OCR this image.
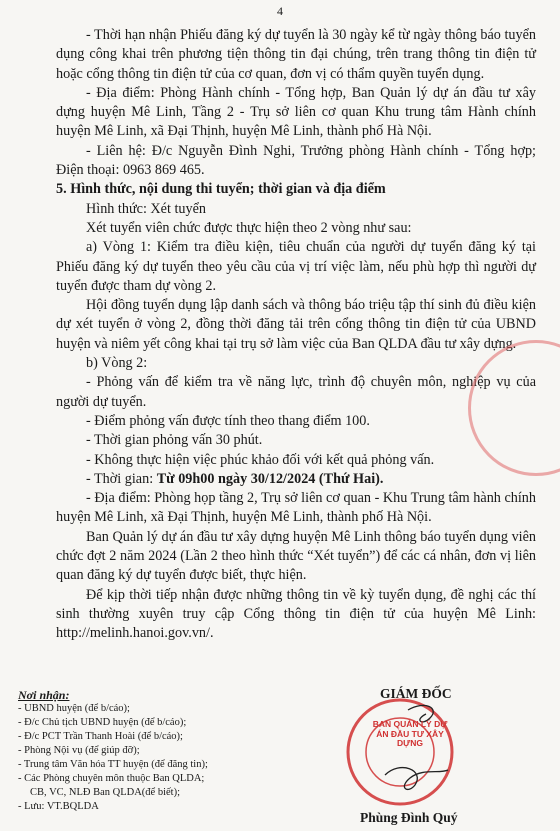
4

- Thời hạn nhận Phiếu đăng ký dự tuyển là 30 ngày kể từ ngày thông báo tuyển dụng công khai trên phương tiện thông tin đại chúng, trên trang thông tin điện tử hoặc cổng thông tin điện tử của cơ quan, đơn vị có thẩm quyền tuyển dụng.

- Địa điểm: Phòng Hành chính - Tổng hợp, Ban Quản lý dự án đầu tư xây dựng huyện Mê Linh, Tầng 2 - Trụ sở liên cơ quan Khu trung tâm Hành chính huyện Mê Linh, xã Đại Thịnh, huyện Mê Linh, thành phố Hà Nội.

- Liên hệ: Đ/c Nguyễn Đình Nghi, Trưởng phòng Hành chính - Tổng hợp; Điện thoại: 0963 869 465.

5. Hình thức, nội dung thi tuyển; thời gian và địa điểm

Hình thức: Xét tuyển

Xét tuyển viên chức được thực hiện theo 2 vòng như sau:

a) Vòng 1: Kiểm tra điều kiện, tiêu chuẩn của người dự tuyển đăng ký tại Phiếu đăng ký dự tuyển theo yêu cầu của vị trí việc làm, nếu phù hợp thì người dự tuyển được tham dự vòng 2.

Hội đồng tuyển dụng lập danh sách và thông báo triệu tập thí sinh đủ điều kiện dự xét tuyển ở vòng 2, đồng thời đăng tải trên cổng thông tin điện tử của UBND huyện và niêm yết công khai tại trụ sở làm việc của Ban QLDA đầu tư xây dựng.

b) Vòng 2:

- Phỏng vấn để kiểm tra về năng lực, trình độ chuyên môn, nghiệp vụ của người dự tuyển.

- Điểm phỏng vấn được tính theo thang điểm 100.

- Thời gian phỏng vấn 30 phút.

- Không thực hiện việc phúc khảo đối với kết quả phỏng vấn.

- Thời gian: Từ 09h00 ngày 30/12/2024 (Thứ Hai).

- Địa điểm: Phòng họp tầng 2, Trụ sở liên cơ quan - Khu Trung tâm hành chính huyện Mê Linh, xã Đại Thịnh, huyện Mê Linh, thành phố Hà Nội.

Ban Quản lý dự án đầu tư xây dựng huyện Mê Linh thông báo tuyển dụng viên chức đợt 2 năm 2024 (Lần 2 theo hình thức “Xét tuyển”) để các cá nhân, đơn vị liên quan đăng ký dự tuyển được biết, thực hiện.

Để kịp thời tiếp nhận được những thông tin về kỳ tuyển dụng, đề nghị các thí sinh thường xuyên truy cập Cổng thông tin điện tử của huyện Mê Linh: http://melinh.hanoi.gov.vn/.

Nơi nhận:
- UBND huyện (để b/cáo);
- Đ/c Chủ tịch UBND huyện (để b/cáo);
- Đ/c PCT Trần Thanh Hoài (để b/cáo);
- Phòng Nội vụ (để giúp đỡ);
- Trung tâm Văn hóa TT huyện (để đăng tin);
- Các Phòng chuyên môn thuộc Ban QLDA;
CB, VC, NLĐ Ban QLDA(để biết);
- Lưu: VT.BQLDA
GIÁM ĐỐC
BAN QUẢN LÝ DỰ ÁN ĐẦU TƯ XÂY DỰNG
Phùng Đình Quý
